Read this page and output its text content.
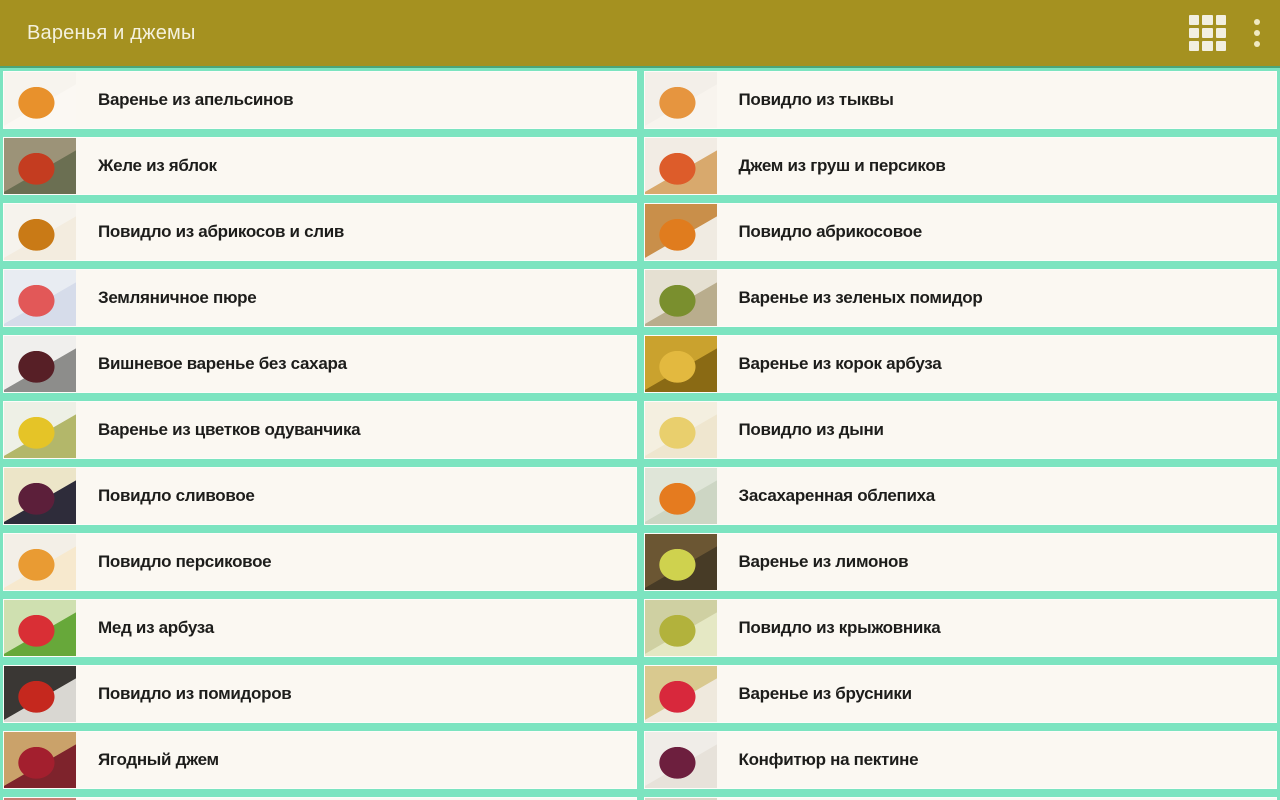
Варенья и джемы
Варенье из апельсинов	Повидло из тыквы
Желе из яблок	Джем из груш и персиков
Повидло из абрикосов и слив	Повидло абрикосовое
Земляничное пюре	Варенье из зеленых помидор
Вишневое варенье без сахара	Варенье из корок арбуза
Варенье из цветков одуванчика	Повидло из дыни
Повидло сливовое	Засахаренная облепиха
Повидло персиковое	Варенье из лимонов
Мед из арбуза	Повидло из крыжовника
Повидло из помидоров	Варенье из брусники
Ягодный джем	Конфитюр на пектине
